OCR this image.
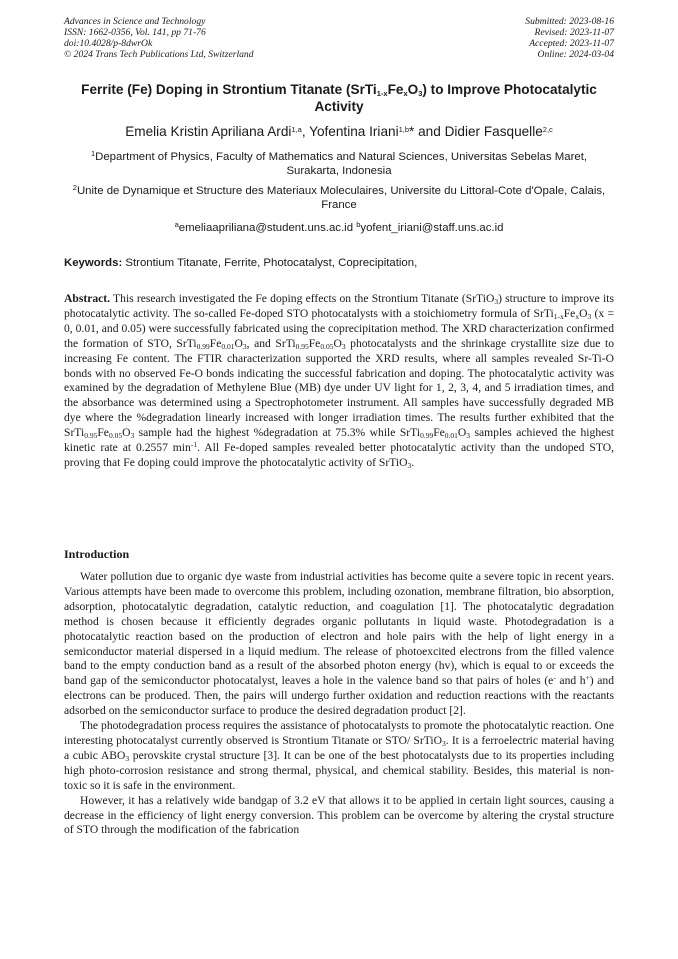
Advances in Science and Technology
ISSN: 1662-0356, Vol. 141, pp 71-76
doi:10.4028/p-8dwrOk
© 2024 Trans Tech Publications Ltd, Switzerland
Submitted: 2023-08-16
Revised: 2023-11-07
Accepted: 2023-11-07
Online: 2024-03-04
Ferrite (Fe) Doping in Strontium Titanate $(SrTi_{1-x}Fe_xO_3)$ to Improve Photocatalytic Activity
Emelia Kristin Apriliana Ardi$^{1,a}$, Yofentina Iriani$^{1,b}$* and Didier Fasquelle$^{2,c}$
$^1$Department of Physics, Faculty of Mathematics and Natural Sciences, Universitas Sebelas Maret, Surakarta, Indonesia
$^2$Unite de Dynamique et Structure des Materiaux Moleculaires, Universite du Littoral-Cote d'Opale, Calais, France
$^a$emeliaapriliana@student.uns.ac.id $^b$yofent_iriani@staff.uns.ac.id
Keywords: Strontium Titanate, Ferrite, Photocatalyst, Coprecipitation,
Abstract. This research investigated the Fe doping effects on the Strontium Titanate (SrTiO$_3$) structure to improve its photocatalytic activity. The so-called Fe-doped STO photocatalysts with a stoichiometry formula of $SrTi_{1-x}Fe_xO_3$ (x = 0, 0.01, and 0.05) were successfully fabricated using the coprecipitation method. The XRD characterization confirmed the formation of STO, $SrTi_{0.99}Fe_{0.01}O_3$, and $SrTi_{0.95}Fe_{0.05}O_3$ photocatalysts and the shrinkage crystallite size due to increasing Fe content. The FTIR characterization supported the XRD results, where all samples revealed Sr-Ti-O bonds with no observed Fe-O bonds indicating the successful fabrication and doping. The photocatalytic activity was examined by the degradation of Methylene Blue (MB) dye under UV light for 1, 2, 3, 4, and 5 irradiation times, and the absorbance was determined using a Spectrophotometer instrument. All samples have successfully degraded MB dye where the %degradation linearly increased with longer irradiation times. The results further exhibited that the $SrTi_{0.95}Fe_{0.05}O_3$ sample had the highest %degradation at 75.3% while $SrTi_{0.99}Fe_{0.01}O_3$ samples achieved the highest kinetic rate at 0.2557 $\min^{-1}$. All Fe-doped samples revealed better photocatalytic activity than the undoped STO, proving that Fe doping could improve the photocatalytic activity of SrTiO$_3$.
Introduction

Water pollution due to organic dye waste from industrial activities has become quite a severe topic in recent years. Various attempts have been made to overcome this problem, including ozonation, membrane filtration, bio absorption, adsorption, photocatalytic degradation, catalytic reduction, and coagulation [1]. The photocatalytic degradation method is chosen because it efficiently degrades organic pollutants in liquid waste. Photodegradation is a photocatalytic reaction based on the production of electron and hole pairs with the help of light energy in a semiconductor material dispersed in a liquid medium. The release of photoexcited electrons from the filled valence band to the empty conduction band as a result of the absorbed photon energy (hv), which is equal to or exceeds the band gap of the semiconductor photocatalyst, leaves a hole in the valence band so that pairs of holes (e- and h+) and electrons can be produced. Then, the pairs will undergo further oxidation and reduction reactions with the reactants adsorbed on the semiconductor surface to produce the desired degradation product [2].

The photodegradation process requires the assistance of photocatalysts to promote the photocatalytic reaction. One interesting photocatalyst currently observed is Strontium Titanate or STO/ SrTiO$_3$. It is a ferroelectric material having a cubic $ABO_3$ perovskite crystal structure [3]. It can be one of the best photocatalysts due to its properties including high photo-corrosion resistance and strong thermal, physical, and chemical stability. Besides, this material is non-toxic so it is safe in the environment.

However, it has a relatively wide bandgap of 3.2 eV that allows it to be applied in certain light sources, causing a decrease in the efficiency of light energy conversion. This problem can be overcome by altering the crystal structure of STO through the modification of the fabrication
